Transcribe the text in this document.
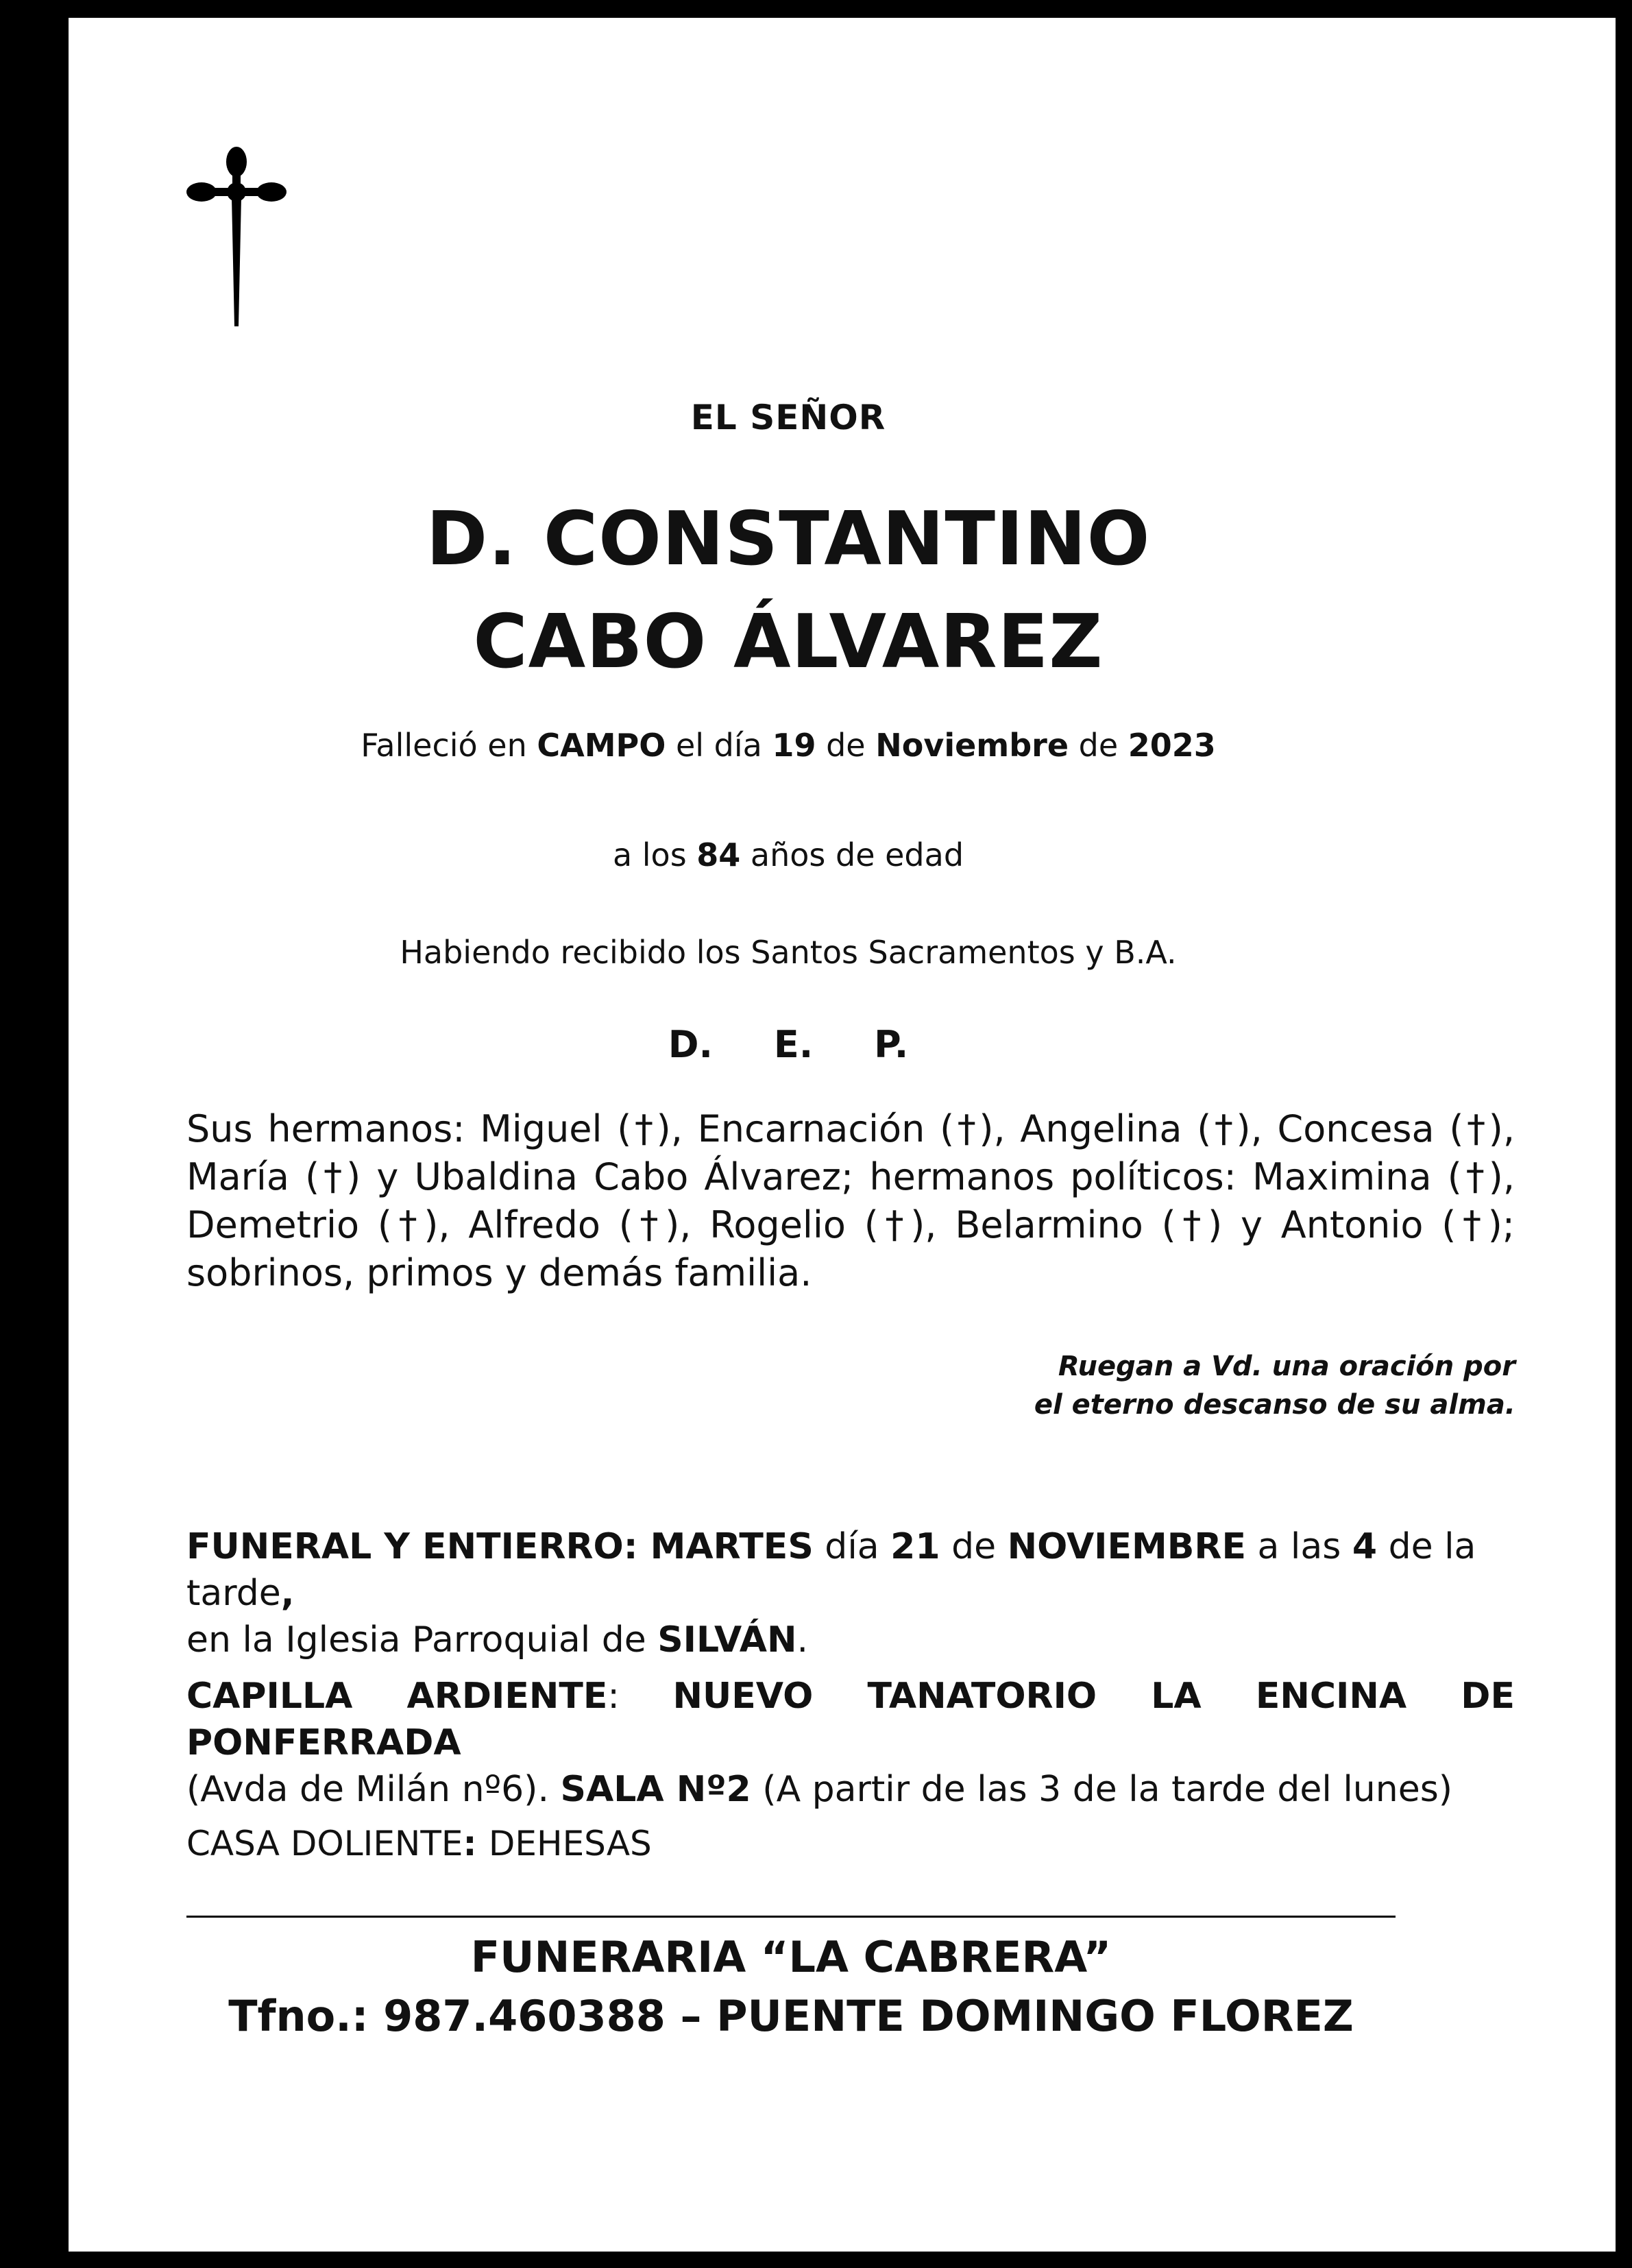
EL SEÑOR
D. CONSTANTINO
CABO ÁLVAREZ
Falleció en CAMPO el día 19 de Noviembre de 2023
a los 84 años de edad
Habiendo recibido los Santos Sacramentos y B.A.
D. E. P.
Sus hermanos: Miguel (†), Encarnación (†), Angelina (†), Concesa (†), María (†) y Ubaldina Cabo Álvarez; hermanos políticos: Maximina (†), Demetrio (†), Alfredo (†), Rogelio (†), Belarmino (†) y Antonio (†); sobrinos, primos y demás familia.
Ruegan a Vd. una oración por
el eterno descanso de su alma.
FUNERAL Y ENTIERRO: MARTES día 21 de NOVIEMBRE a las 4 de la tarde,
en la Iglesia Parroquial de SILVÁN.
CAPILLA ARDIENTE: NUEVO TANATORIO LA ENCINA DE PONFERRADA
(Avda de Milán nº6). SALA Nº2 (A partir de las 3 de la tarde del lunes)
CASA DOLIENTE: DEHESAS
FUNERARIA “LA CABRERA”
Tfno.: 987.460388 – PUENTE DOMINGO FLOREZ
